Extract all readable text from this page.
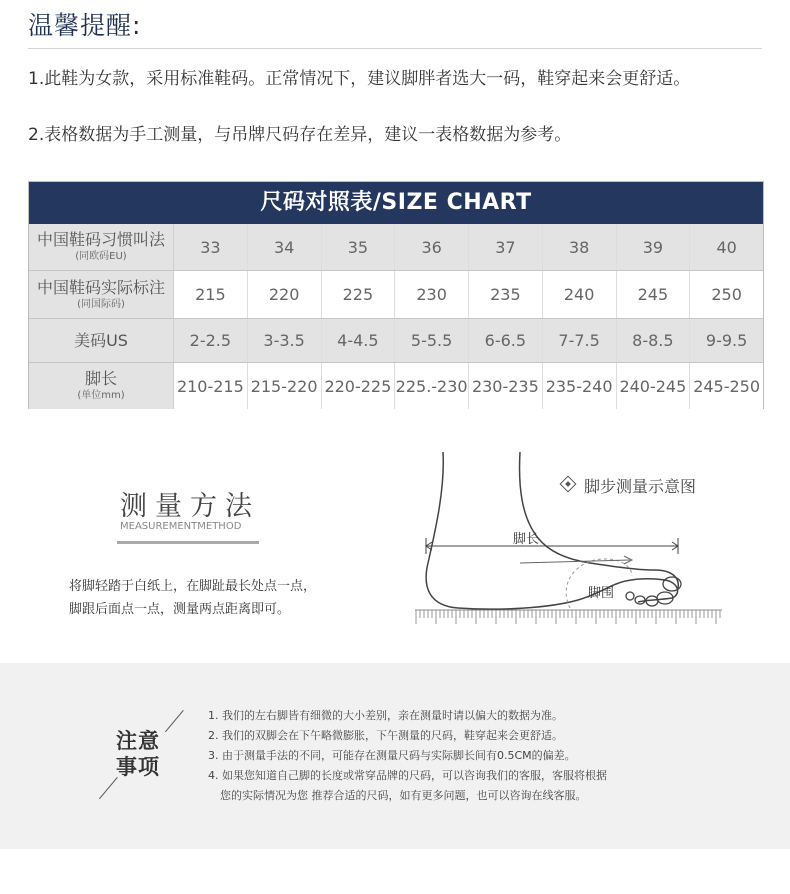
温馨提醒:
1.此鞋为女款，采用标准鞋码。正常情况下，建议脚胖者选大一码，鞋穿起来会更舒适。
2.表格数据为手工测量，与吊牌尺码存在差异，建议一表格数据为参考。
尺码对照表/SIZE CHART
中国鞋码习惯叫法
(同欧码EU)	33	34	35	36	37	38	39	40
中国鞋码实际标注
(同国际码)	215	220	225	230	235	240	245	250
美码US	2-2.5	3-3.5	4-4.5	5-5.5	6-6.5	7-7.5	8-8.5	9-9.5
脚长
(单位mm)	210-215 215-220 220-225 225.-230 230-235 235-240 240-245 245-250
测量方法
MEASUREMENTMETHOD
将脚轻踏于白纸上，在脚趾最长处点一点，
脚跟后面点一点，测量两点距离即可。
脚步测量示意图
脚长
脚围
注意
事项
1. 我们的左右脚皆有细微的大小差别，亲在测量时请以偏大的数据为准。
2. 我们的双脚会在下午略微膨胀，下午测量的尺码，鞋穿起来会更舒适。
3. 由于测量手法的不同，可能存在测量尺码与实际脚长间有0.5CM的偏差。
4. 如果您知道自己脚的长度或常穿品牌的尺码，可以咨询我们的客服，客服将根据
您的实际情况为您 推荐合适的尺码，如有更多问题，也可以咨询在线客服。
